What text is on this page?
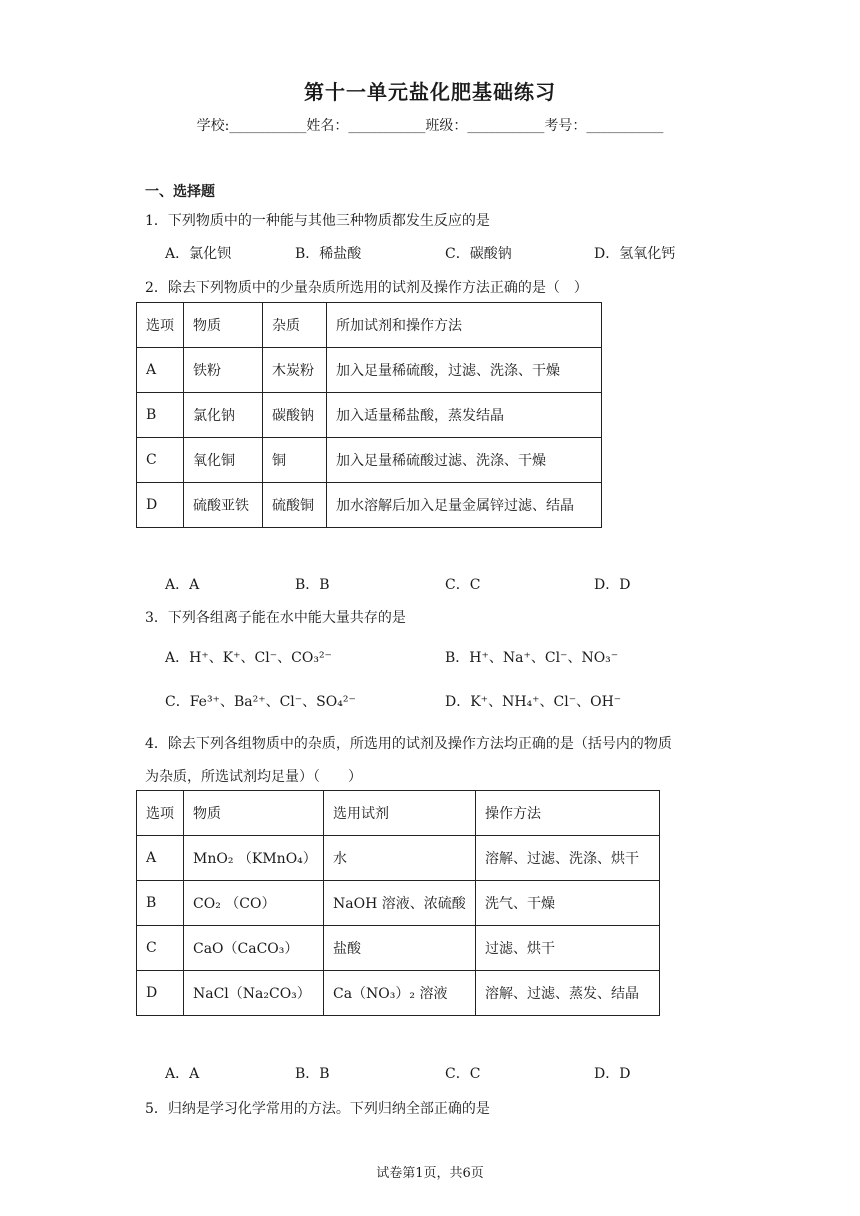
第十一单元盐化肥基础练习
学校:___________姓名：___________班级：___________考号：___________
一、选择题
1．下列物质中的一种能与其他三种物质都发生反应的是
A．氯化钡	B．稀盐酸	C．碳酸钠	D．氢氧化钙
2．除去下列物质中的少量杂质所选用的试剂及操作方法正确的是（　）
选项	物质	杂质	所加试剂和操作方法
A	铁粉	木炭粉	加入足量稀硫酸，过滤、洗涤、干燥
B	氯化钠	碳酸钠	加入适量稀盐酸，蒸发结晶
C	氧化铜	铜	加入足量稀硫酸过滤、洗涤、干燥
D	硫酸亚铁	硫酸铜	加水溶解后加入足量金属锌过滤、结晶
A．A	B．B	C．C	D．D
3．下列各组离子能在水中能大量共存的是
A．H⁺、K⁺、Cl⁻、CO₃²⁻	B．H⁺、Na⁺、Cl⁻、NO₃⁻
C．Fe³⁺、Ba²⁺、Cl⁻、SO₄²⁻	D．K⁺、NH₄⁺、Cl⁻、OH⁻
4．除去下列各组物质中的杂质，所选用的试剂及操作方法均正确的是（括号内的物质
为杂质，所选试剂均足量）（　　）
选项	物质	选用试剂	操作方法
A	MnO₂ （KMnO₄）	水	溶解、过滤、洗涤、烘干
B	CO₂ （CO）	NaOH 溶液、浓硫酸	洗气、干燥
C	CaO（CaCO₃）	盐酸	过滤、烘干
D	NaCl（Na₂CO₃）	Ca（NO₃）₂ 溶液	溶解、过滤、蒸发、结晶
A．A	B．B	C．C	D．D
5．归纳是学习化学常用的方法。下列归纳全部正确的是
试卷第1页，共6页
